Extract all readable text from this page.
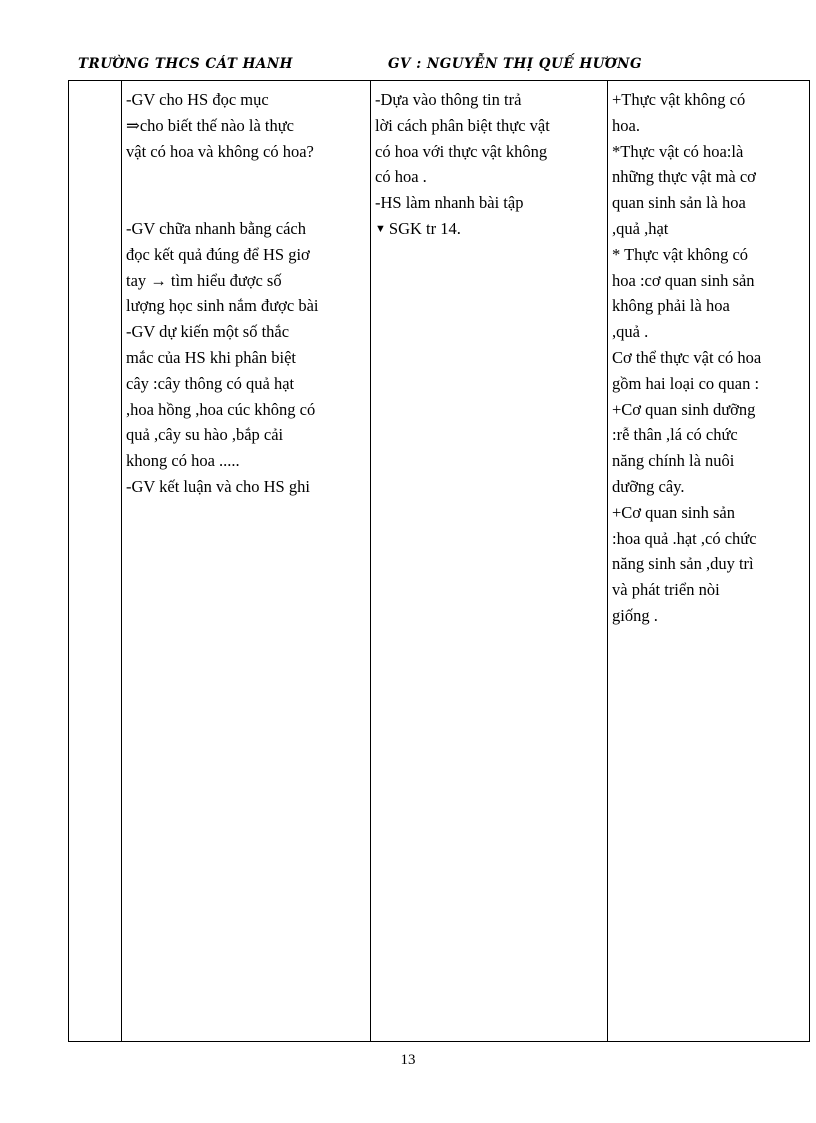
TRƯỜNG THCS CÁT HANH	GV : NGUYỄN THỊ QUẾ HƯƠNG

-GV cho HS đọc mục
⇒cho biết thế nào là thực
vật có hoa và không có hoa?
-GV chữa nhanh bằng cách
đọc kết quả đúng để HS giơ
tay → tìm hiểu được số
lượng học sinh nắm được bài
-GV dự kiến một số thắc
mắc của HS khi phân biệt
cây :cây thông có quả hạt
,hoa hồng ,hoa cúc không có
quả ,cây su hào ,bắp cải
khong có hoa .....
-GV kết luận và cho HS ghi

-Dựa vào thông tin trả
lời cách phân biệt thực vật
có hoa với thực vật không
có hoa .
-HS làm nhanh bài tập
▼ SGK tr 14.

+Thực vật không có
hoa.
*Thực vật có hoa:là
những thực vật mà cơ
quan sinh sản là hoa
,quả ,hạt
* Thực vật không có
hoa :cơ quan sinh sản
không phải là hoa
,quả .
Cơ thể thực vật có hoa
gồm hai loại co quan :
+Cơ quan sinh dưỡng
:rễ thân ,lá có chức
năng chính là nuôi
dưỡng cây.
+Cơ quan sinh sản
:hoa quả .hạt ,có chức
năng sinh sản ,duy trì
và phát triển nòi
giống .
13
